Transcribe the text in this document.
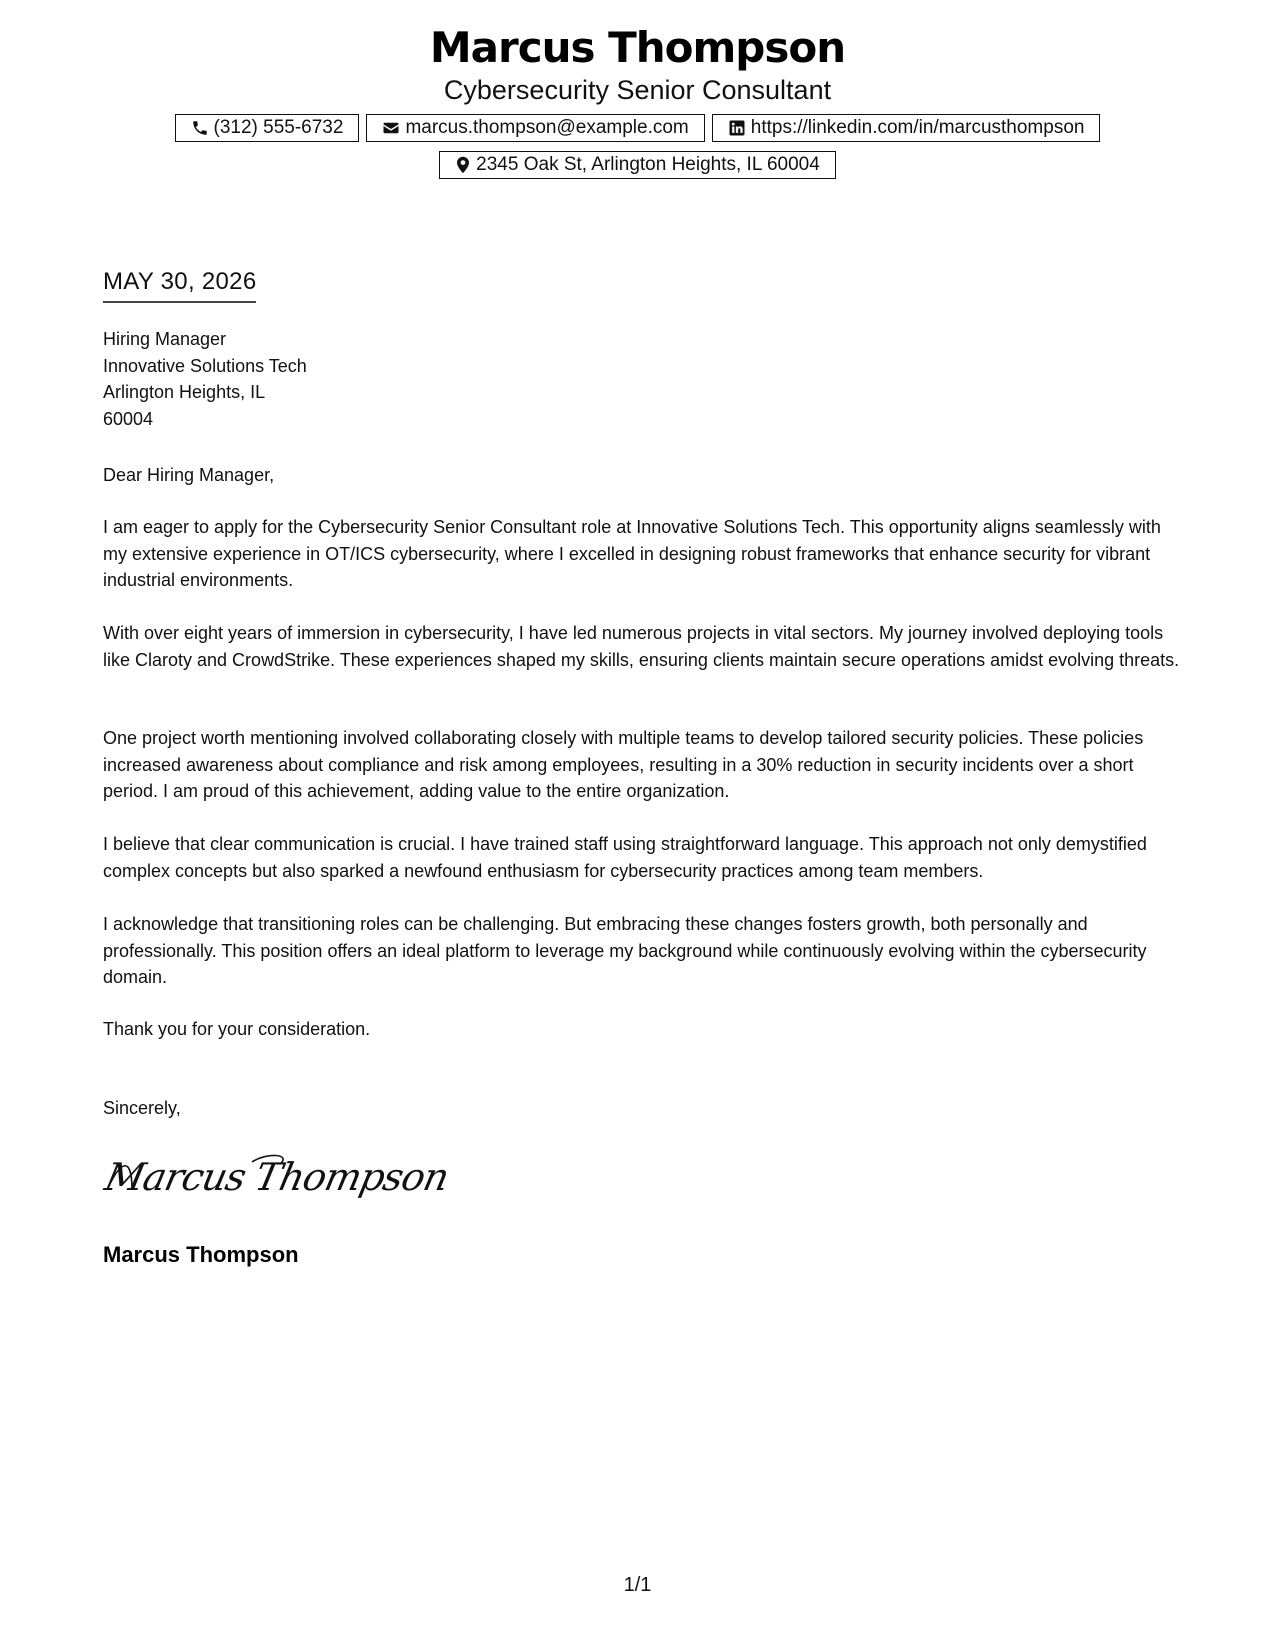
Marcus Thompson
Cybersecurity Senior Consultant
(312) 555-6732	marcus.thompson@example.com	https://linkedin.com/in/marcusthompson
2345 Oak St, Arlington Heights, IL 60004
MAY 30, 2026
Hiring Manager
Innovative Solutions Tech
Arlington Heights, IL
60004
Dear Hiring Manager,

I am eager to apply for the Cybersecurity Senior Consultant role at Innovative Solutions Tech. This opportunity aligns seamlessly with my extensive experience in OT/ICS cybersecurity, where I excelled in designing robust frameworks that enhance security for vibrant industrial environments.

With over eight years of immersion in cybersecurity, I have led numerous projects in vital sectors. My journey involved deploying tools like Claroty and CrowdStrike. These experiences shaped my skills, ensuring clients maintain secure operations amidst evolving threats.

One project worth mentioning involved collaborating closely with multiple teams to develop tailored security policies. These policies increased awareness about compliance and risk among employees, resulting in a 30% reduction in security incidents over a short period. I am proud of this achievement, adding value to the entire organization.

I believe that clear communication is crucial. I have trained staff using straightforward language. This approach not only demystified complex concepts but also sparked a newfound enthusiasm for cybersecurity practices among team members.

I acknowledge that transitioning roles can be challenging. But embracing these changes fosters growth, both personally and professionally. This position offers an ideal platform to leverage my background while continuously evolving within the cybersecurity domain.

Thank you for your consideration.
Sincerely,
Marcus Thompson
Marcus Thompson
1/1
